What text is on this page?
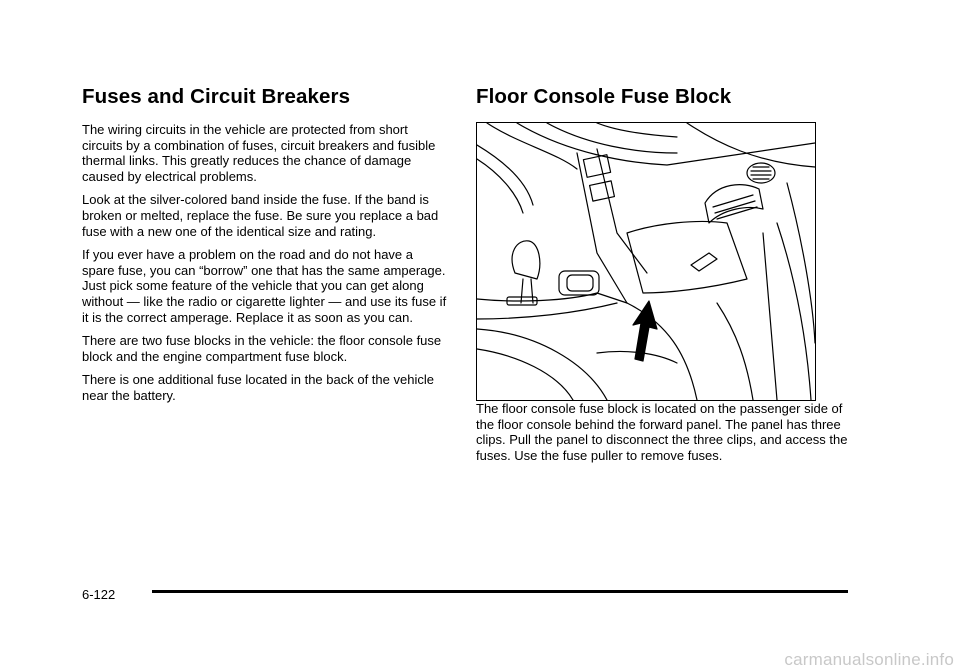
Fuses and Circuit Breakers

The wiring circuits in the vehicle are protected from short circuits by a combination of fuses, circuit breakers and fusible thermal links. This greatly reduces the chance of damage caused by electrical problems.

Look at the silver-colored band inside the fuse. If the band is broken or melted, replace the fuse. Be sure you replace a bad fuse with a new one of the identical size and rating.

If you ever have a problem on the road and do not have a spare fuse, you can “borrow” one that has the same amperage. Just pick some feature of the vehicle that you can get along without — like the radio or cigarette lighter — and use its fuse if it is the correct amperage. Replace it as soon as you can.

There are two fuse blocks in the vehicle: the floor console fuse block and the engine compartment fuse block.

There is one additional fuse located in the back of the vehicle near the battery.

Floor Console Fuse Block

The floor console fuse block is located on the passenger side of the floor console behind the forward panel. The panel has three clips. Pull the panel to disconnect the three clips, and access the fuses. Use the fuse puller to remove fuses.

6-122
carmanualsonline.info
